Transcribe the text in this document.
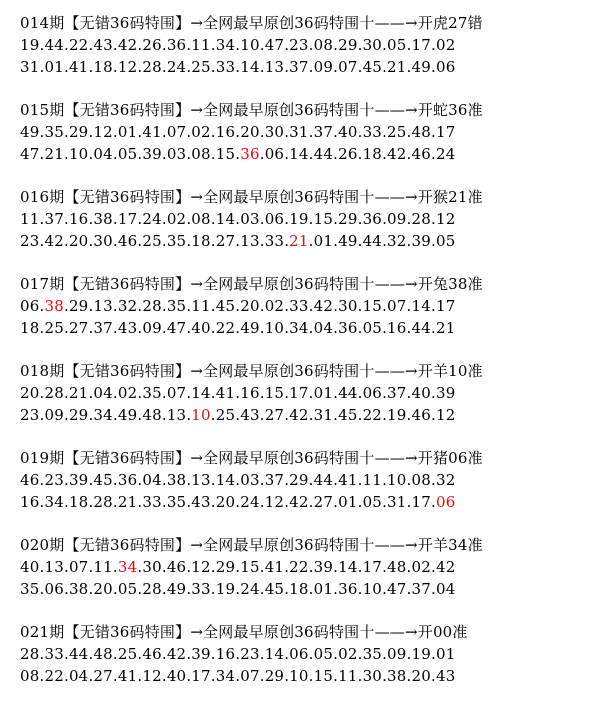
014期【无错36码特围】→全网最早原创36码特围十——→开虎27错
19.44.22.43.42.26.36.11.34.10.47.23.08.29.30.05.17.02
31.01.41.18.12.28.24.25.33.14.13.37.09.07.45.21.49.06
015期【无错36码特围】→全网最早原创36码特围十——→开蛇36准
49.35.29.12.01.41.07.02.16.20.30.31.37.40.33.25.48.17
47.21.10.04.05.39.03.08.15.36.06.14.44.26.18.42.46.24
016期【无错36码特围】→全网最早原创36码特围十——→开猴21准
11.37.16.38.17.24.02.08.14.03.06.19.15.29.36.09.28.12
23.42.20.30.46.25.35.18.27.13.33.21.01.49.44.32.39.05
017期【无错36码特围】→全网最早原创36码特围十——→开兔38准
06.38.29.13.32.28.35.11.45.20.02.33.42.30.15.07.14.17
18.25.27.37.43.09.47.40.22.49.10.34.04.36.05.16.44.21
018期【无错36码特围】→全网最早原创36码特围十——→开羊10准
20.28.21.04.02.35.07.14.41.16.15.17.01.44.06.37.40.39
23.09.29.34.49.48.13.10.25.43.27.42.31.45.22.19.46.12
019期【无错36码特围】→全网最早原创36码特围十——→开猪06准
46.23.39.45.36.04.38.13.14.03.37.29.44.41.11.10.08.32
16.34.18.28.21.33.35.43.20.24.12.42.27.01.05.31.17.06
020期【无错36码特围】→全网最早原创36码特围十——→开羊34准
40.13.07.11.34.30.46.12.29.15.41.22.39.14.17.48.02.42
35.06.38.20.05.28.49.33.19.24.45.18.01.36.10.47.37.04
021期【无错36码特围】→全网最早原创36码特围十——→开00准
28.33.44.48.25.46.42.39.16.23.14.06.05.02.35.09.19.01
08.22.04.27.41.12.40.17.34.07.29.10.15.11.30.38.20.43
